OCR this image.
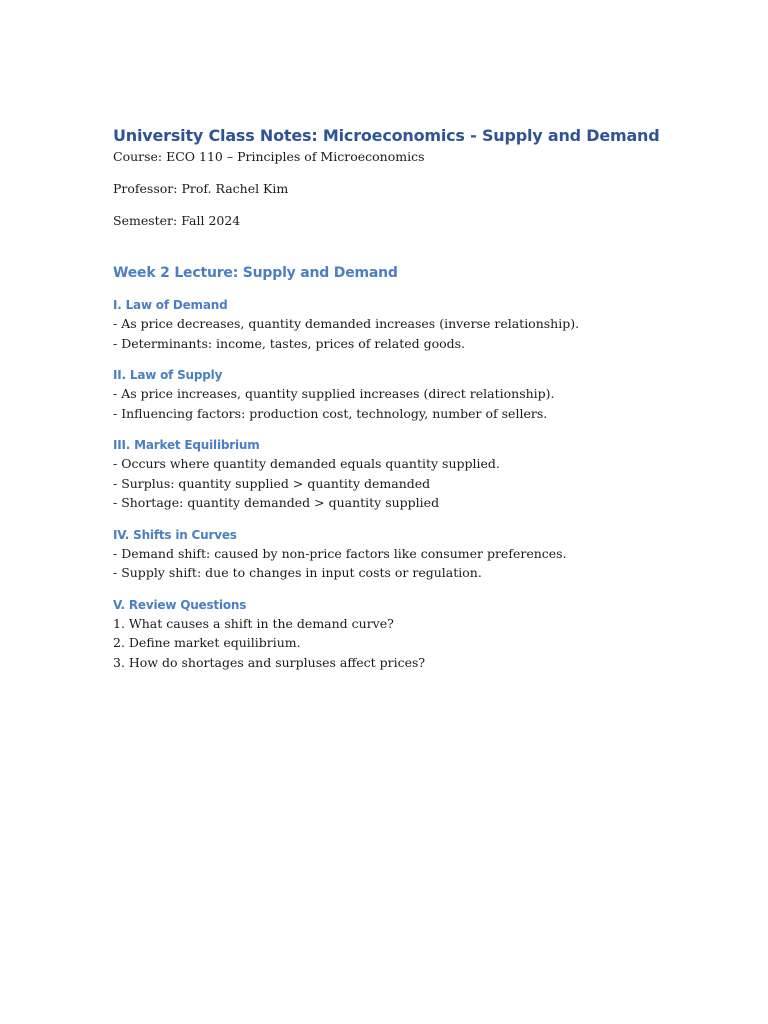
University Class Notes: Microeconomics - Supply and Demand

Course: ECO 110 – Principles of Microeconomics

Professor: Prof. Rachel Kim

Semester: Fall 2024

Week 2 Lecture: Supply and Demand
I. Law of Demand

- As price decreases, quantity demanded increases (inverse relationship).

- Determinants: income, tastes, prices of related goods.

II. Law of Supply

- As price increases, quantity supplied increases (direct relationship).

- Influencing factors: production cost, technology, number of sellers.

III. Market Equilibrium

- Occurs where quantity demanded equals quantity supplied.

- Surplus: quantity supplied > quantity demanded

- Shortage: quantity demanded > quantity supplied

IV. Shifts in Curves

- Demand shift: caused by non-price factors like consumer preferences.

- Supply shift: due to changes in input costs or regulation.

V. Review Questions

1. What causes a shift in the demand curve?

2. Define market equilibrium.

3. How do shortages and surpluses affect prices?
